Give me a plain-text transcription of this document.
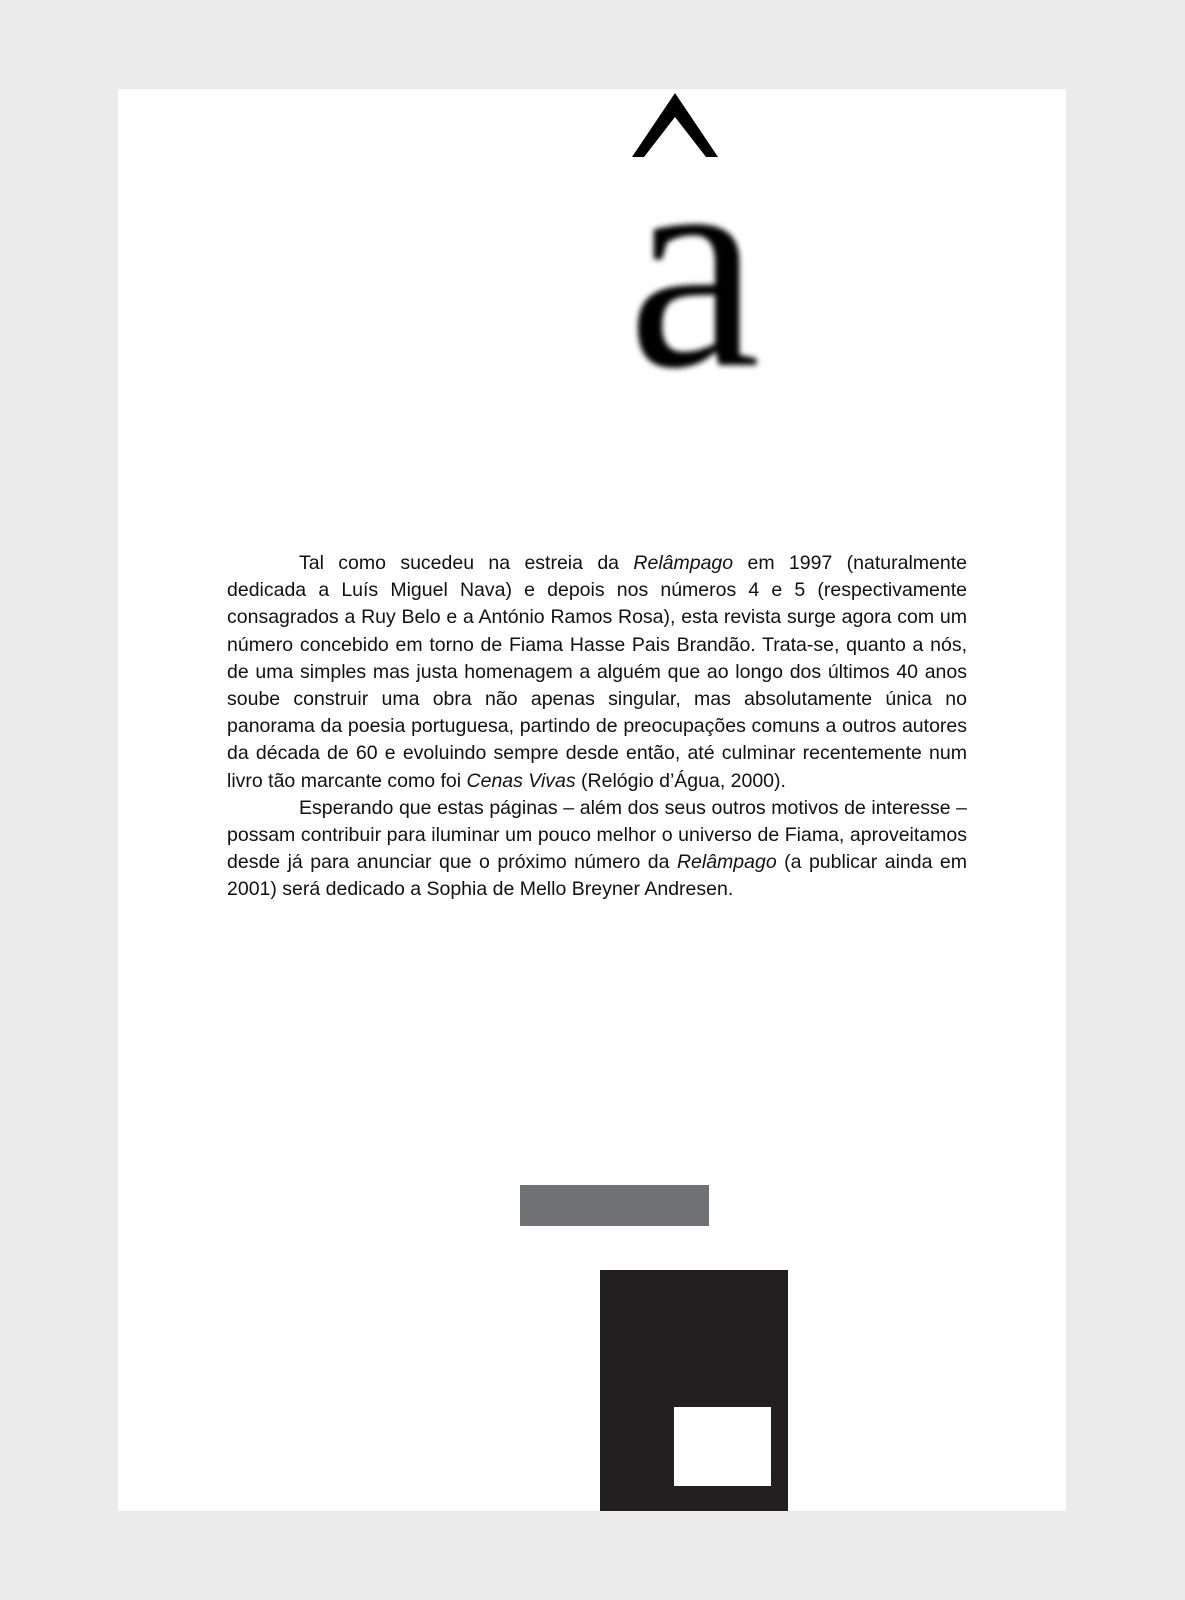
a

Tal como sucedeu na estreia da Relâmpago em 1997 (naturalmente dedicada a Luís Miguel Nava) e depois nos números 4 e 5 (respectivamente consagrados a Ruy Belo e a António Ramos Rosa), esta revista surge agora com um número concebido em torno de Fiama Hasse Pais Brandão. Trata-se, quanto a nós, de uma simples mas justa homenagem a alguém que ao longo dos últimos 40 anos soube construir uma obra não apenas singular, mas absolutamente única no panorama da poesia portuguesa, partindo de preocupações comuns a outros autores da década de 60 e evoluindo sempre desde então, até culminar recentemente num livro tão marcante como foi Cenas Vivas (Relógio d’Água, 2000).

Esperando que estas páginas – além dos seus outros motivos de interesse – possam contribuir para iluminar um pouco melhor o universo de Fiama, aproveitamos desde já para anunciar que o próximo número da Relâmpago (a publicar ainda em 2001) será dedicado a Sophia de Mello Breyner Andresen.
